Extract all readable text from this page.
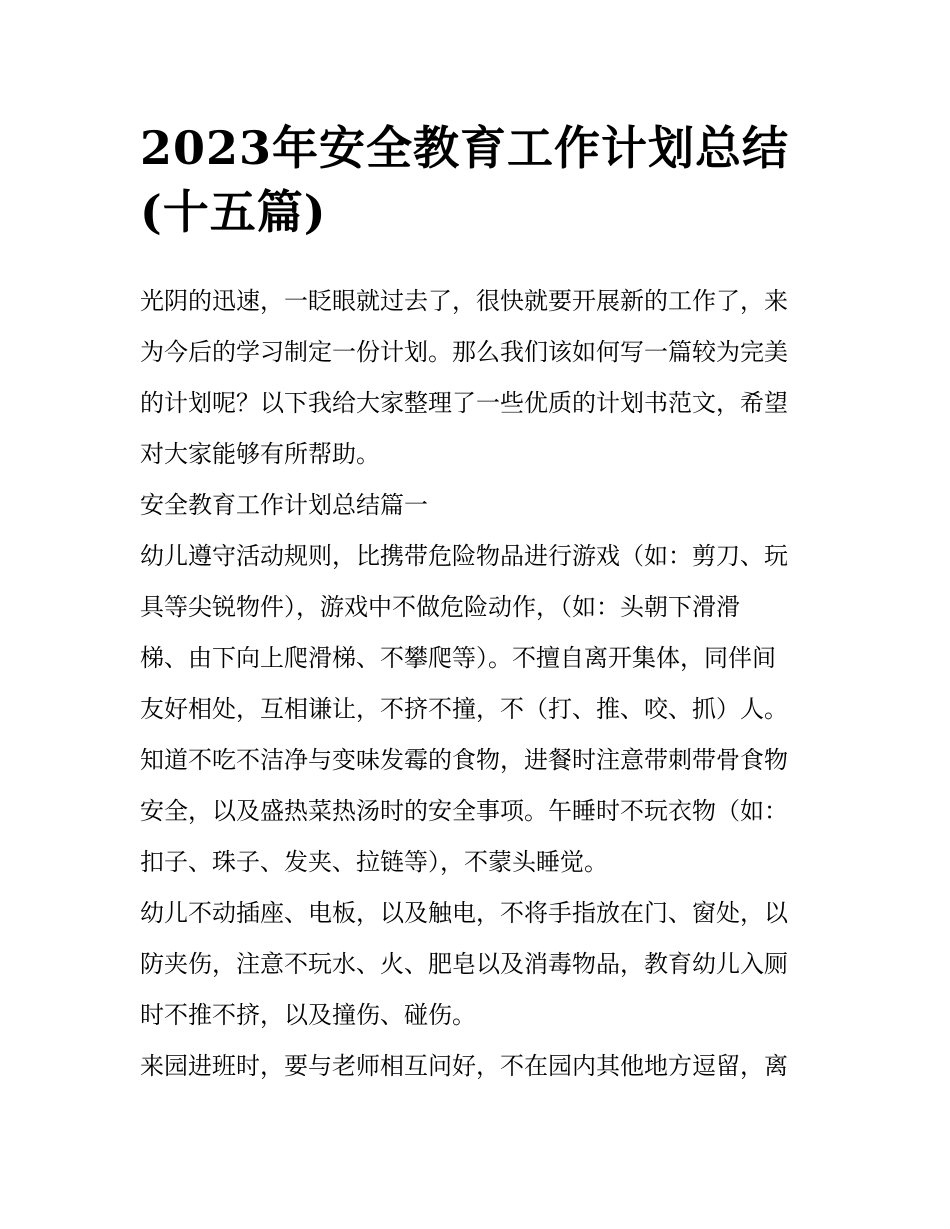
2023年安全教育工作计划总结
(十五篇)
光阴的迅速，一眨眼就过去了，很快就要开展新的工作了，来
为今后的学习制定一份计划。那么我们该如何写一篇较为完美
的计划呢？以下我给大家整理了一些优质的计划书范文，希望
对大家能够有所帮助。
安全教育工作计划总结篇一
幼儿遵守活动规则，比携带危险物品进行游戏（如：剪刀、玩
具等尖锐物件），游戏中不做危险动作，（如：头朝下滑滑
梯、由下向上爬滑梯、不攀爬等）。不擅自离开集体，同伴间
友好相处，互相谦让，不挤不撞，不（打、推、咬、抓）人。
知道不吃不洁净与变味发霉的食物，进餐时注意带刺带骨食物
安全，以及盛热菜热汤时的安全事项。午睡时不玩衣物（如：
扣子、珠子、发夹、拉链等），不蒙头睡觉。
幼儿不动插座、电板，以及触电，不将手指放在门、窗处，以
防夹伤，注意不玩水、火、肥皂以及消毒物品，教育幼儿入厕
时不推不挤，以及撞伤、碰伤。
来园进班时，要与老师相互问好，不在园内其他地方逗留，离
